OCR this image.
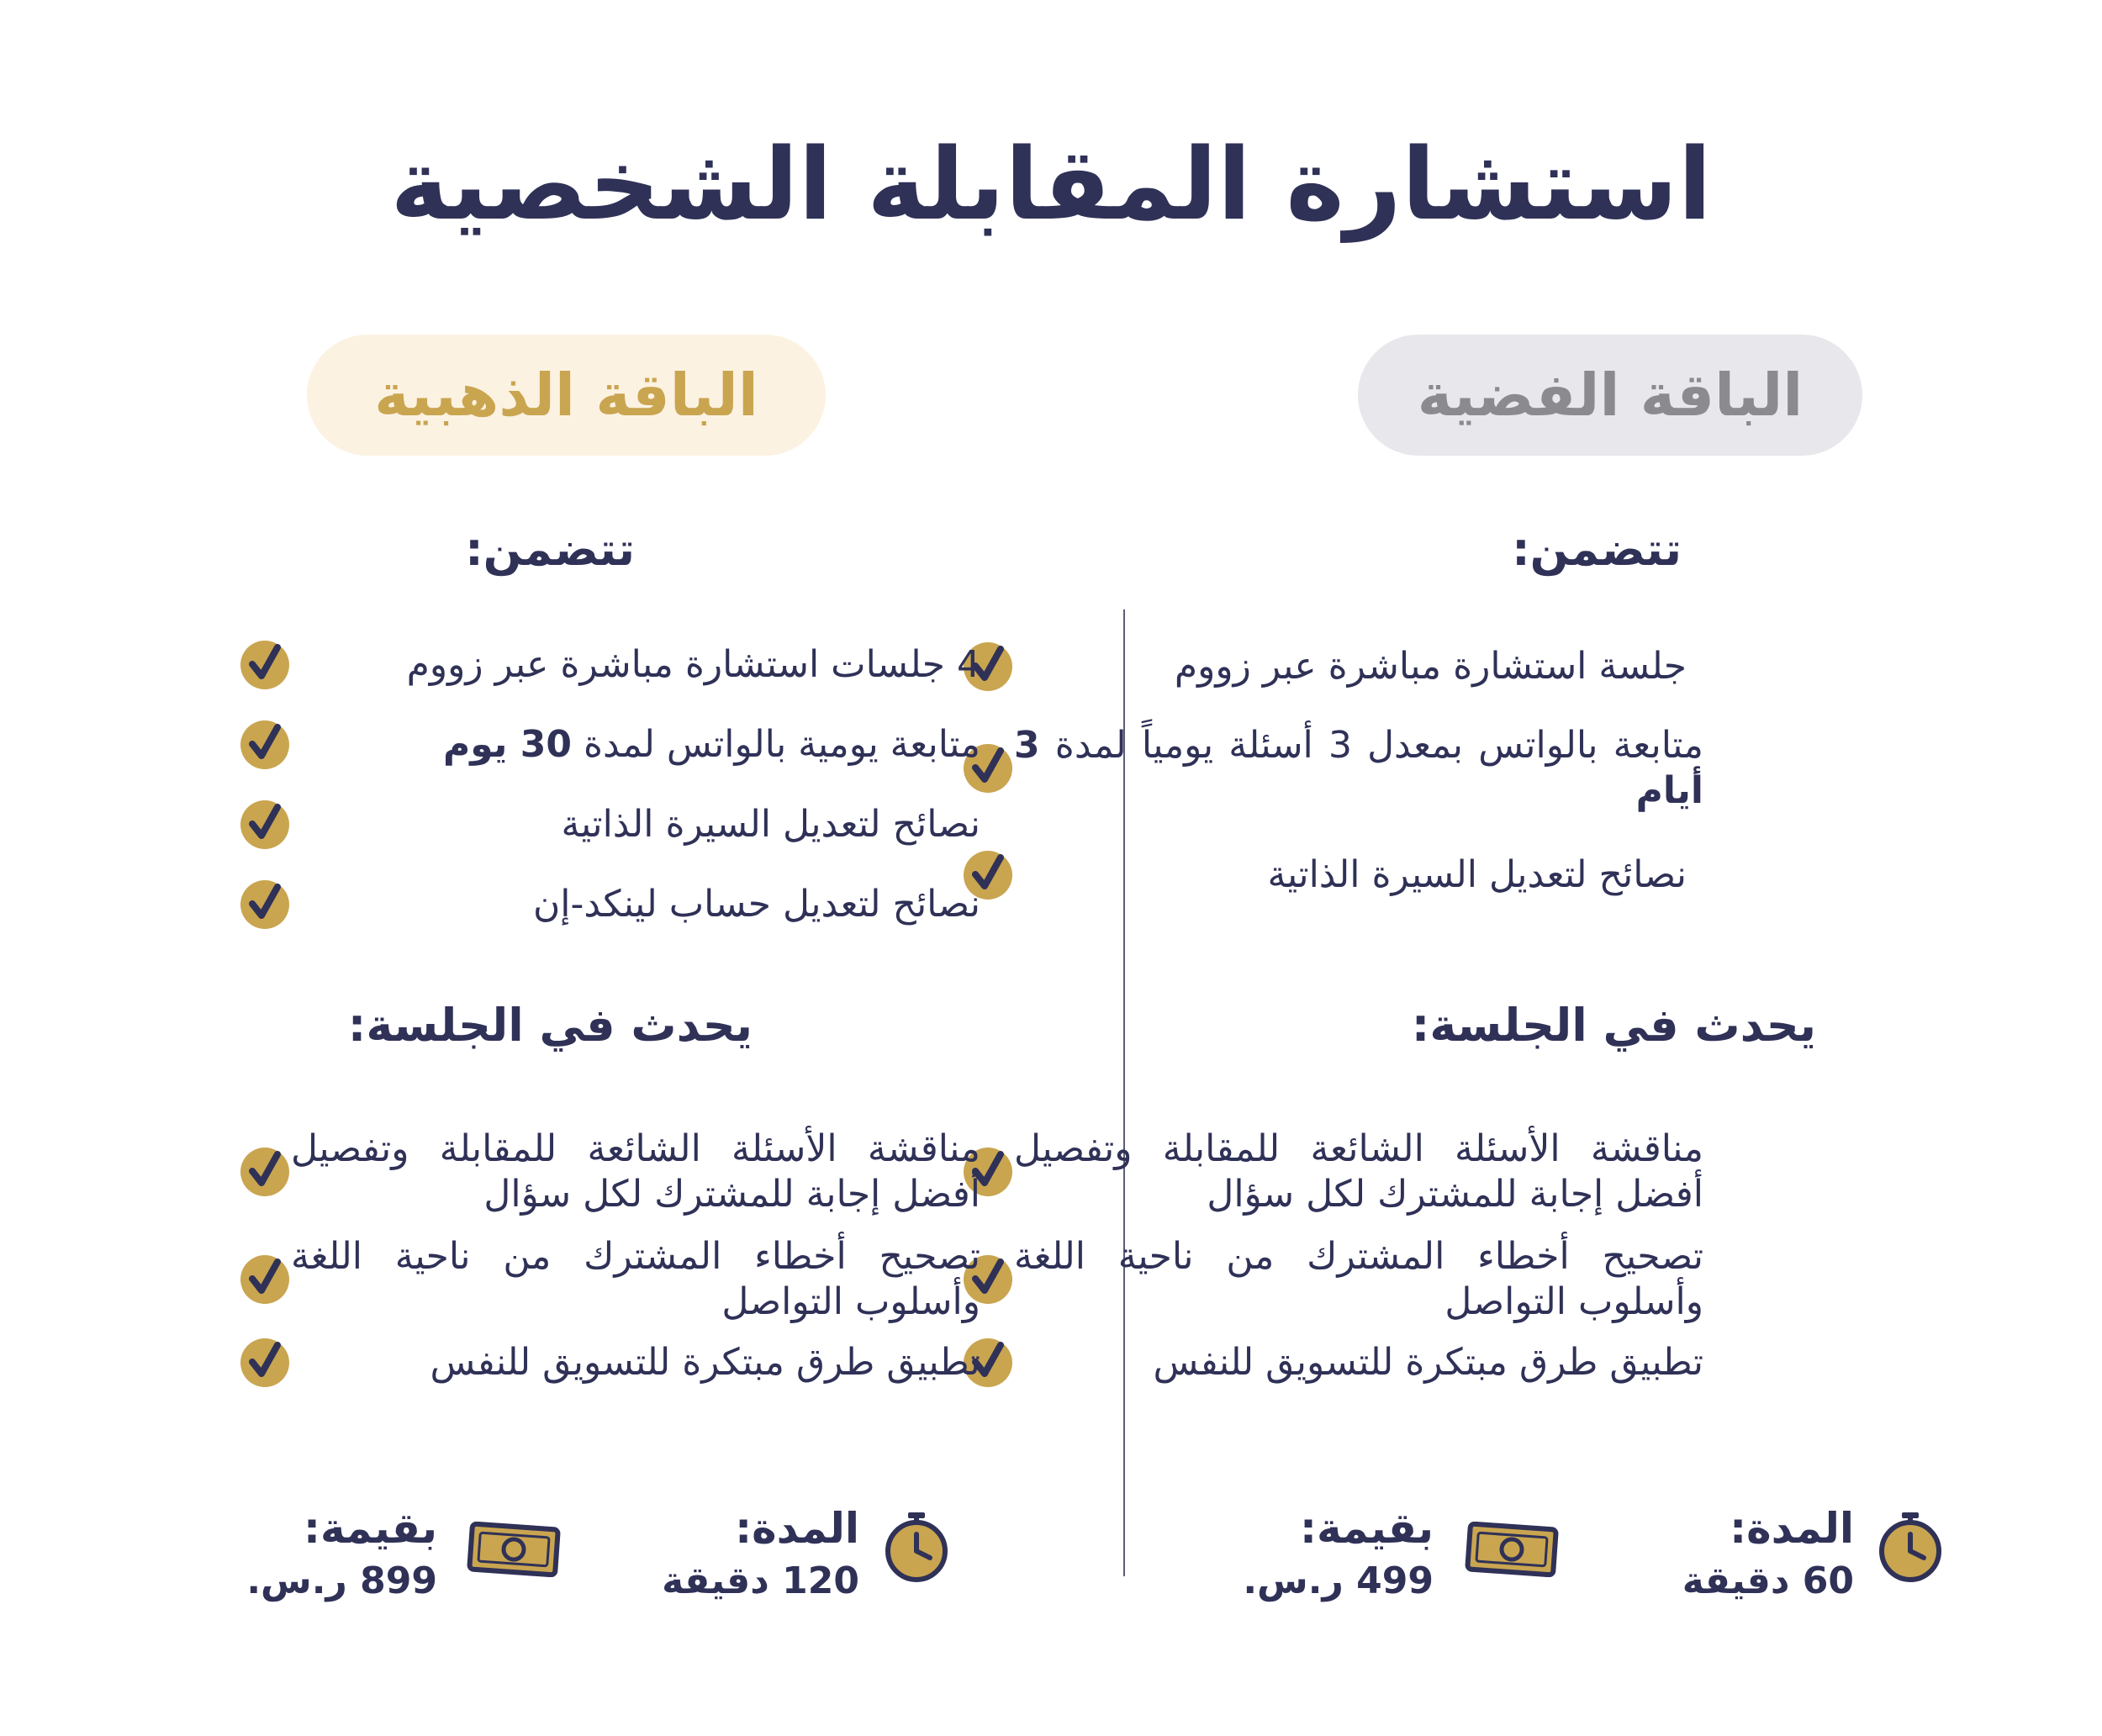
استشارة المقابلة الشخصية
الباقة الفضية
تتضمن:
جلسة استشارة مباشرة عبر زووم
متابعة بالواتس بمعدل 3 أسئلة يومياً لمدة 3 أيام
نصائح لتعديل السيرة الذاتية
يحدث في الجلسة:
مناقشة الأسئلة الشائعة للمقابلة وتفصيل أفضل إجابة للمشترك لكل سؤال
تصحيح أخطاء المشترك من ناحية اللغة وأسلوب التواصل
تطبيق طرق مبتكرة للتسويق للنفس
المدة:
60 دقيقة
بقيمة:
499 ر.س.
الباقة الذهبية
تتضمن:
4 جلسات استشارة مباشرة عبر زووم
متابعة يومية بالواتس لمدة 30 يوم
نصائح لتعديل السيرة الذاتية
نصائح لتعديل حساب لينكد-إن
يحدث في الجلسة:
مناقشة الأسئلة الشائعة للمقابلة وتفصيل أفضل إجابة للمشترك لكل سؤال
تصحيح أخطاء المشترك من ناحية اللغة وأسلوب التواصل
تطبيق طرق مبتكرة للتسويق للنفس
المدة:
120 دقيقة
بقيمة:
899 ر.س.
